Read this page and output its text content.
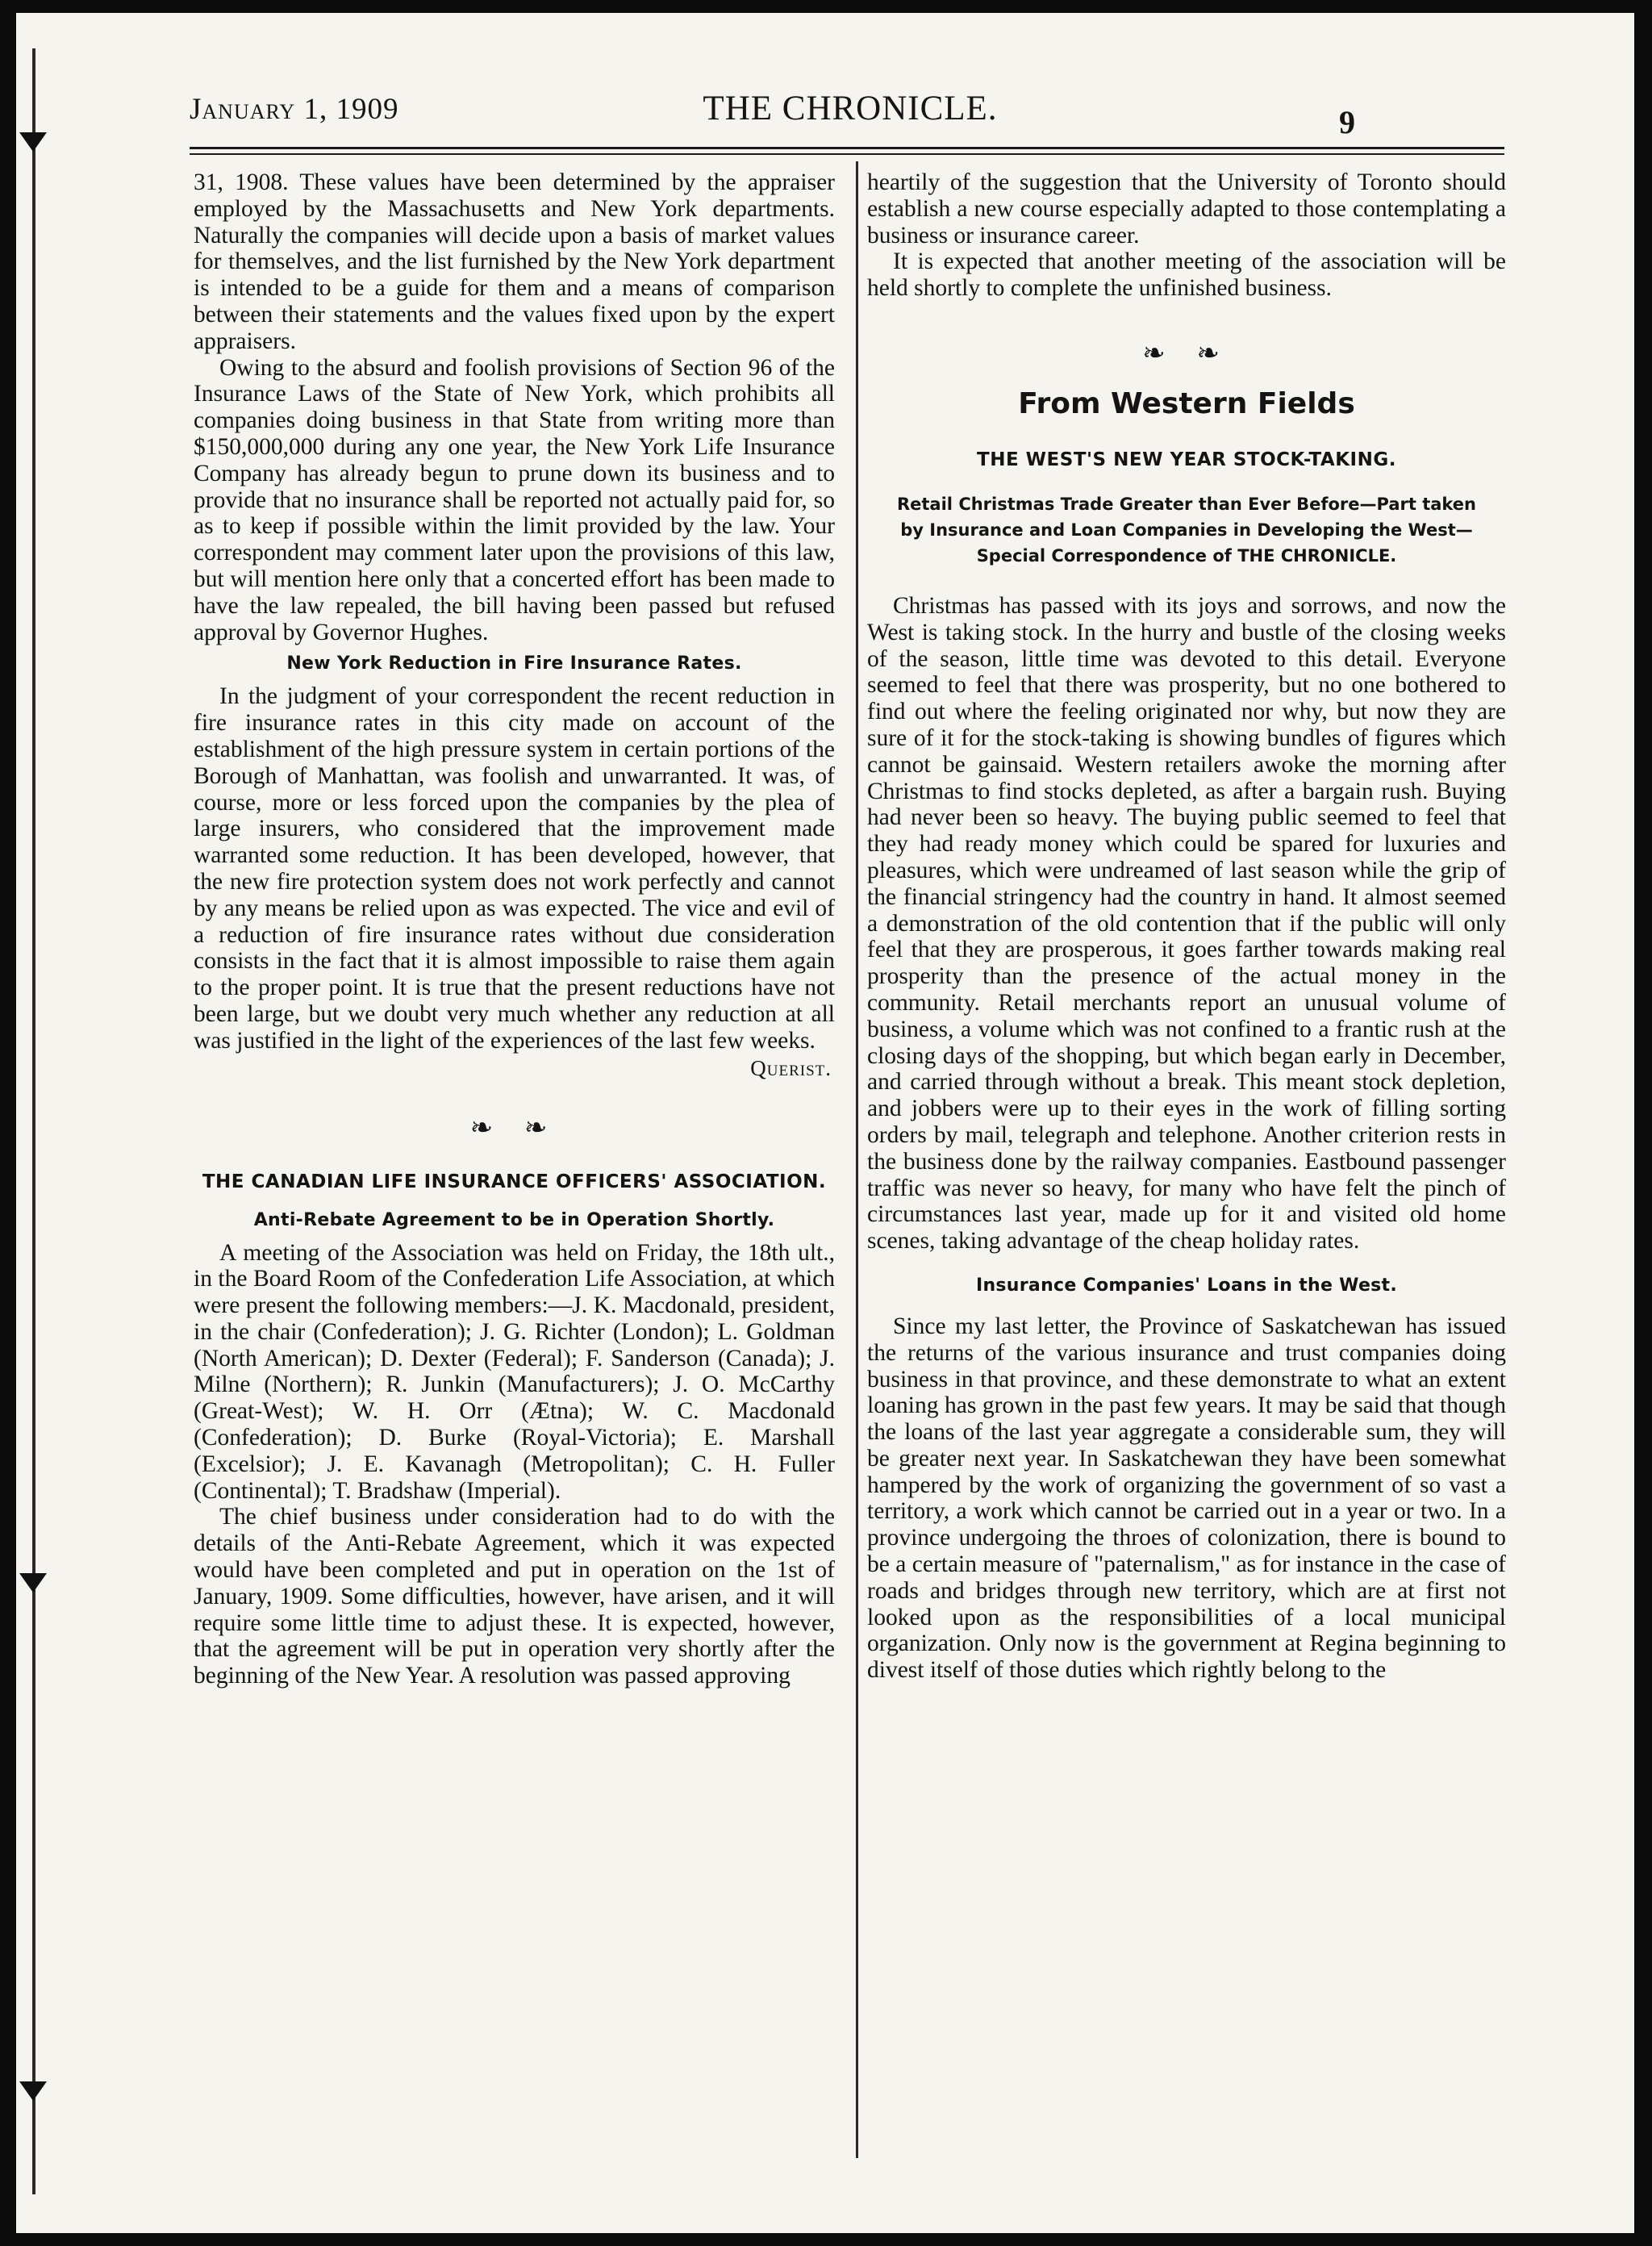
January 1, 1909	THE CHRONICLE.	9

31, 1908. These values have been determined by the appraiser employed by the Massachusetts and New York departments. Naturally the companies will decide upon a basis of market values for themselves, and the list furnished by the New York department is intended to be a guide for them and a means of comparison between their statements and the values fixed upon by the expert appraisers.

Owing to the absurd and foolish provisions of Section 96 of the Insurance Laws of the State of New York, which prohibits all companies doing business in that State from writing more than $150,000,000 during any one year, the New York Life Insurance Company has already begun to prune down its business and to provide that no insurance shall be reported not actually paid for, so as to keep if possible within the limit provided by the law. Your correspondent may comment later upon the provisions of this law, but will mention here only that a concerted effort has been made to have the law repealed, the bill having been passed but refused approval by Governor Hughes.

New York Reduction in Fire Insurance Rates.

In the judgment of your correspondent the recent reduction in fire insurance rates in this city made on account of the establishment of the high pressure system in certain portions of the Borough of Manhattan, was foolish and unwarranted. It was, of course, more or less forced upon the companies by the plea of large insurers, who considered that the improvement made warranted some reduction. It has been developed, however, that the new fire protection system does not work perfectly and cannot by any means be relied upon as was expected. The vice and evil of a reduction of fire insurance rates without due consideration consists in the fact that it is almost impossible to raise them again to the proper point. It is true that the present reductions have not been large, but we doubt very much whether any reduction at all was justified in the light of the experiences of the last few weeks.

Querist.
❧ ❧
THE CANADIAN LIFE INSURANCE OFFICERS' ASSOCIATION.
Anti-Rebate Agreement to be in Operation Shortly.

A meeting of the Association was held on Friday, the 18th ult., in the Board Room of the Confederation Life Association, at which were present the following members:—J. K. Macdonald, president, in the chair (Confederation); J. G. Richter (London); L. Goldman (North American); D. Dexter (Federal); F. Sanderson (Canada); J. Milne (Northern); R. Junkin (Manufacturers); J. O. McCarthy (Great-West); W. H. Orr (Ætna); W. C. Macdonald (Confederation); D. Burke (Royal-Victoria); E. Marshall (Excelsior); J. E. Kavanagh (Metropolitan); C. H. Fuller (Continental); T. Bradshaw (Imperial).

The chief business under consideration had to do with the details of the Anti-Rebate Agreement, which it was expected would have been completed and put in operation on the 1st of January, 1909. Some difficulties, however, have arisen, and it will require some little time to adjust these. It is expected, however, that the agreement will be put in operation very shortly after the beginning of the New Year. A resolution was passed approving

heartily of the suggestion that the University of Toronto should establish a new course especially adapted to those contemplating a business or insurance career.

It is expected that another meeting of the association will be held shortly to complete the unfinished business.

❧ ❧
From Western Fields
THE WEST'S NEW YEAR STOCK-TAKING.
Retail Christmas Trade Greater than Ever Before—Part taken by Insurance and Loan Companies in Developing the West—Special Correspondence of THE CHRONICLE.

Christmas has passed with its joys and sorrows, and now the West is taking stock. In the hurry and bustle of the closing weeks of the season, little time was devoted to this detail. Everyone seemed to feel that there was prosperity, but no one bothered to find out where the feeling originated nor why, but now they are sure of it for the stock-taking is showing bundles of figures which cannot be gainsaid. Western retailers awoke the morning after Christmas to find stocks depleted, as after a bargain rush. Buying had never been so heavy. The buying public seemed to feel that they had ready money which could be spared for luxuries and pleasures, which were undreamed of last season while the grip of the financial stringency had the country in hand. It almost seemed a demonstration of the old contention that if the public will only feel that they are prosperous, it goes farther towards making real prosperity than the presence of the actual money in the community. Retail merchants report an unusual volume of business, a volume which was not confined to a frantic rush at the closing days of the shopping, but which began early in December, and carried through without a break. This meant stock depletion, and jobbers were up to their eyes in the work of filling sorting orders by mail, telegraph and telephone. Another criterion rests in the business done by the railway companies. Eastbound passenger traffic was never so heavy, for many who have felt the pinch of circumstances last year, made up for it and visited old home scenes, taking advantage of the cheap holiday rates.

Insurance Companies' Loans in the West.

Since my last letter, the Province of Saskatchewan has issued the returns of the various insurance and trust companies doing business in that province, and these demonstrate to what an extent loaning has grown in the past few years. It may be said that though the loans of the last year aggregate a considerable sum, they will be greater next year. In Saskatchewan they have been somewhat hampered by the work of organizing the government of so vast a territory, a work which cannot be carried out in a year or two. In a province undergoing the throes of colonization, there is bound to be a certain measure of "paternalism," as for instance in the case of roads and bridges through new territory, which are at first not looked upon as the responsibilities of a local municipal organization. Only now is the government at Regina beginning to divest itself of those duties which rightly belong to the
